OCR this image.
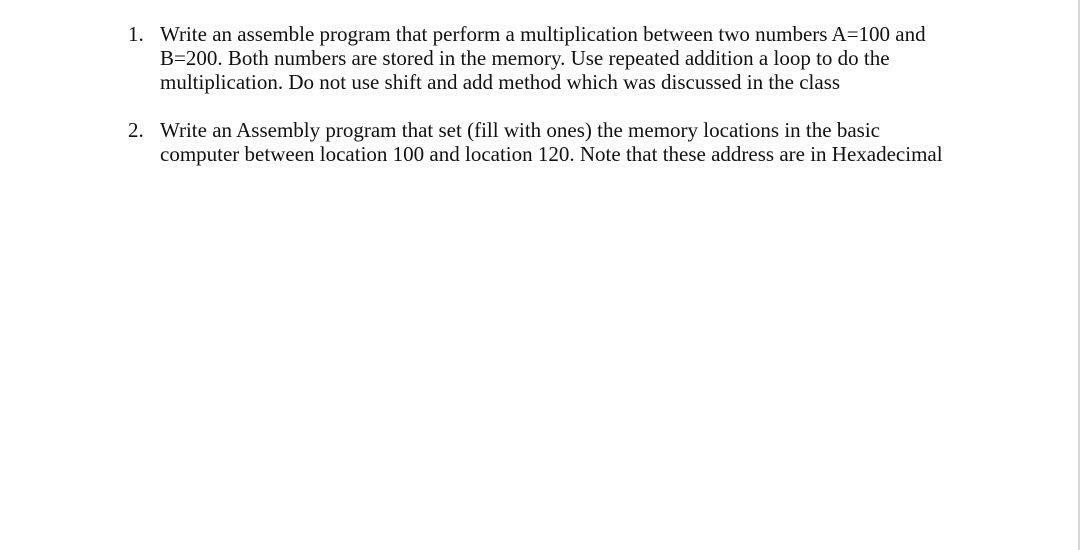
1. Write an assemble program that perform a multiplication between two numbers A=100 and
B=200. Both numbers are stored in the memory. Use repeated addition a loop to do the
multiplication. Do not use shift and add method which was discussed in the class
2. Write an Assembly program that set (fill with ones) the memory locations in the basic
computer between location 100 and location 120. Note that these address are in Hexadecimal
